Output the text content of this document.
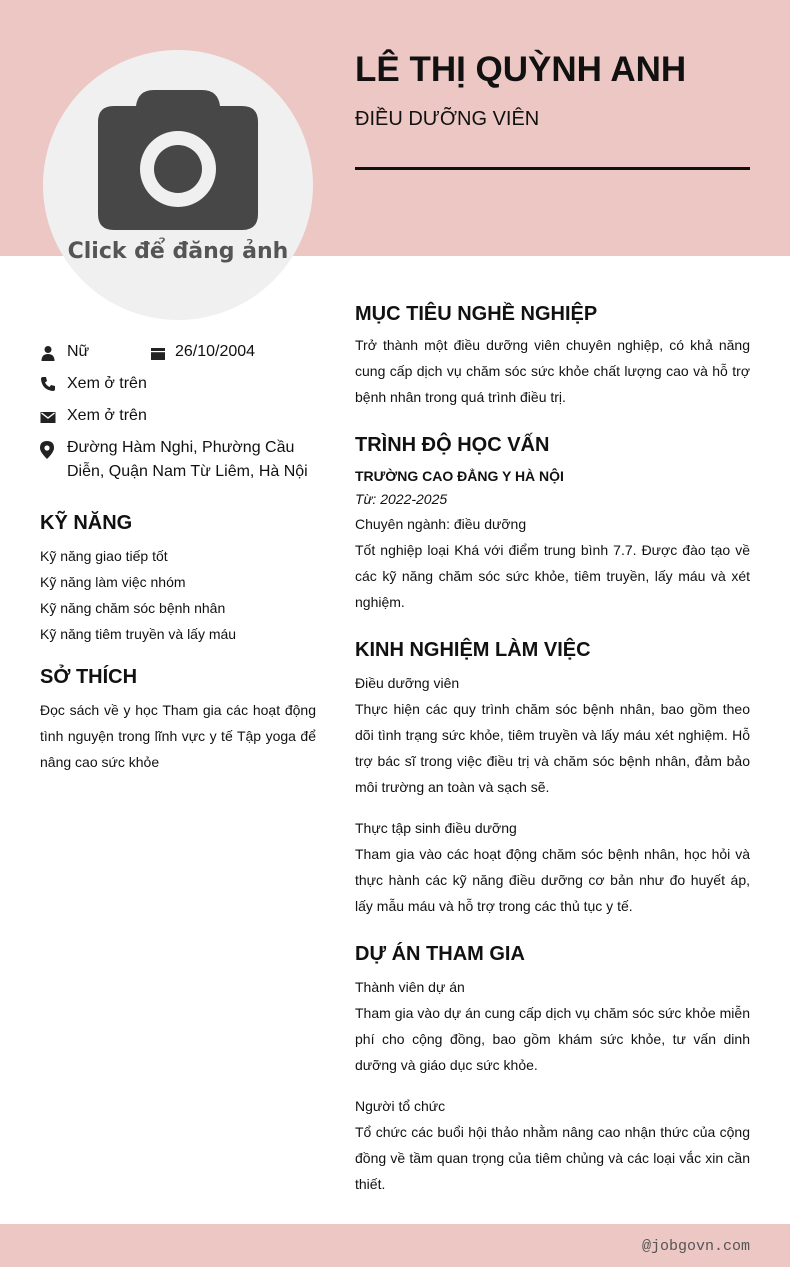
Click để đăng ảnh
LÊ THỊ QUỲNH ANH
ĐIỀU DƯỠNG VIÊN
Nữ	26/10/2004
Xem ở trên
Xem ở trên
Đường Hàm Nghi, Phường Cầu
Diễn, Quận Nam Từ Liêm, Hà Nội
KỸ NĂNG
Kỹ năng giao tiếp tốt
Kỹ năng làm việc nhóm
Kỹ năng chăm sóc bệnh nhân
Kỹ năng tiêm truyền và lấy máu
SỞ THÍCH
Đọc sách về y học Tham gia các hoạt động tình nguyện trong lĩnh vực y tế Tập yoga để nâng cao sức khỏe
MỤC TIÊU NGHỀ NGHIỆP
Trở thành một điều dưỡng viên chuyên nghiệp, có khả năng cung cấp dịch vụ chăm sóc sức khỏe chất lượng cao và hỗ trợ bệnh nhân trong quá trình điều trị.
TRÌNH ĐỘ HỌC VẤN
TRƯỜNG CAO ĐẲNG Y HÀ NỘI
Từ: 2022-2025
Chuyên ngành: điều dưỡng
Tốt nghiệp loại Khá với điểm trung bình 7.7. Được đào tạo về các kỹ năng chăm sóc sức khỏe, tiêm truyền, lấy máu và xét nghiệm.
KINH NGHIỆM LÀM VIỆC
Điều dưỡng viên
Thực hiện các quy trình chăm sóc bệnh nhân, bao gồm theo dõi tình trạng sức khỏe, tiêm truyền và lấy máu xét nghiệm. Hỗ trợ bác sĩ trong việc điều trị và chăm sóc bệnh nhân, đảm bảo môi trường an toàn và sạch sẽ.
Thực tập sinh điều dưỡng
Tham gia vào các hoạt động chăm sóc bệnh nhân, học hỏi và thực hành các kỹ năng điều dưỡng cơ bản như đo huyết áp, lấy mẫu máu và hỗ trợ trong các thủ tục y tế.
DỰ ÁN THAM GIA
Thành viên dự án
Tham gia vào dự án cung cấp dịch vụ chăm sóc sức khỏe miễn phí cho cộng đồng, bao gồm khám sức khỏe, tư vấn dinh dưỡng và giáo dục sức khỏe.
Người tổ chức
Tổ chức các buổi hội thảo nhằm nâng cao nhận thức của cộng đồng về tầm quan trọng của tiêm chủng và các loại vắc xin cần thiết.
@jobgovn.com
